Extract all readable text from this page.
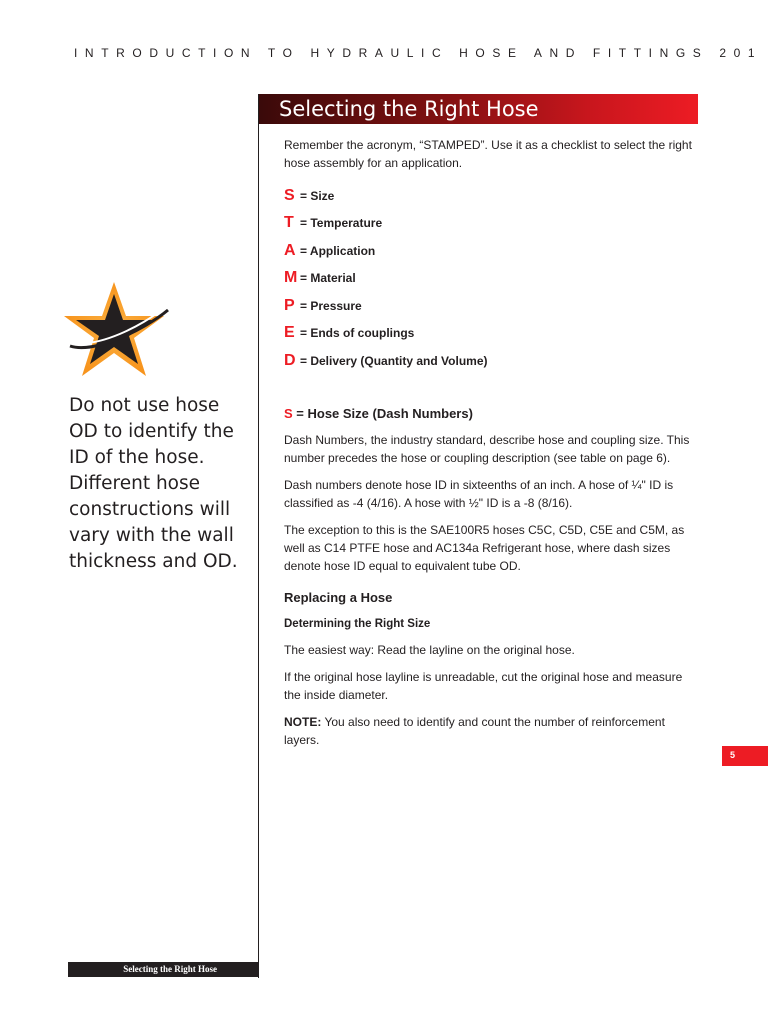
INTRODUCTION TO HYDRAULIC HOSE AND FITTINGS 201
Selecting the Right Hose
Do not use hose OD to identify the ID of the hose. Different hose constructions will vary with the wall thickness and OD.

Remember the acronym, “STAMPED”. Use it as a checklist to select the right hose assembly for an application.

S = Size
T = Temperature
A = Application
M = Material
P = Pressure
E = Ends of couplings
D = Delivery (Quantity and Volume)

S = Hose Size (Dash Numbers)

Dash Numbers, the industry standard, describe hose and coupling size. This number precedes the hose or coupling description (see table on page 6).

Dash numbers denote hose ID in sixteenths of an inch. A hose of ¼" ID is classified as -4 (4/16). A hose with ½" ID is a -8 (8/16).

The exception to this is the SAE100R5 hoses C5C, C5D, C5E and C5M, as well as C14 PTFE hose and AC134a Refrigerant hose, where dash sizes denote hose ID equal to equivalent tube OD.

Replacing a Hose

Determining the Right Size

The easiest way: Read the layline on the original hose.

If the original hose layline is unreadable, cut the original hose and measure the inside diameter.

NOTE: You also need to identify and count the number of reinforcement layers.

5
Selecting the Right Hose
